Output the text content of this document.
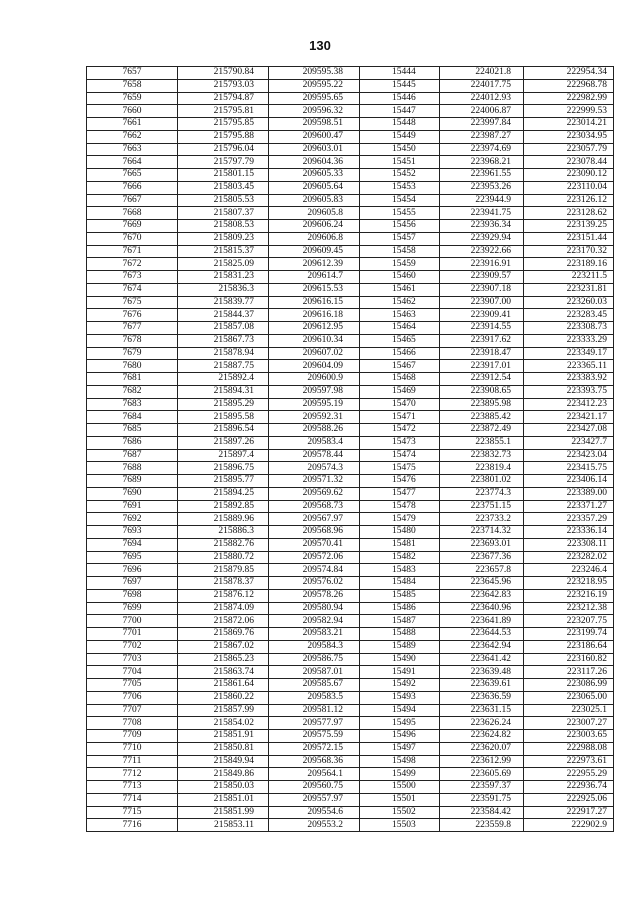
130
7657	215790.84	209595.38	15444	224021.8	222954.34
7658	215793.03	209595.22	15445	224017.75	222968.78
7659	215794.87	209595.65	15446	224012.93	222982.99
7660	215795.81	209596.32	15447	224006.87	222999.53
7661	215795.85	209598.51	15448	223997.84	223014.21
7662	215795.88	209600.47	15449	223987.27	223034.95
7663	215796.04	209603.01	15450	223974.69	223057.79
7664	215797.79	209604.36	15451	223968.21	223078.44
7665	215801.15	209605.33	15452	223961.55	223090.12
7666	215803.45	209605.64	15453	223953.26	223110.04
7667	215805.53	209605.83	15454	223944.9	223126.12
7668	215807.37	209605.8	15455	223941.75	223128.62
7669	215808.53	209606.24	15456	223936.34	223139.25
7670	215809.23	209606.8	15457	223929.94	223151.44
7671	215815.37	209609.45	15458	223922.66	223170.32
7672	215825.09	209612.39	15459	223916.91	223189.16
7673	215831.23	209614.7	15460	223909.57	223211.5
7674	215836.3	209615.53	15461	223907.18	223231.81
7675	215839.77	209616.15	15462	223907.00	223260.03
7676	215844.37	209616.18	15463	223909.41	223283.45
7677	215857.08	209612.95	15464	223914.55	223308.73
7678	215867.73	209610.34	15465	223917.62	223333.29
7679	215878.94	209607.02	15466	223918.47	223349.17
7680	215887.75	209604.09	15467	223917.01	223365.11
7681	215892.4	209600.9	15468	223912.54	223383.92
7682	215894.31	209597.98	15469	223908.65	223393.75
7683	215895.29	209595.19	15470	223895.98	223412.23
7684	215895.58	209592.31	15471	223885.42	223421.17
7685	215896.54	209588.26	15472	223872.49	223427.08
7686	215897.26	209583.4	15473	223855.1	223427.7
7687	215897.4	209578.44	15474	223832.73	223423.04
7688	215896.75	209574.3	15475	223819.4	223415.75
7689	215895.77	209571.32	15476	223801.02	223406.14
7690	215894.25	209569.62	15477	223774.3	223389.00
7691	215892.85	209568.73	15478	223751.15	223371.27
7692	215889.96	209567.97	15479	223733.2	223357.29
7693	215886.3	209568.96	15480	223714.32	223336.14
7694	215882.76	209570.41	15481	223693.01	223308.11
7695	215880.72	209572.06	15482	223677.36	223282.02
7696	215879.85	209574.84	15483	223657.8	223246.4
7697	215878.37	209576.02	15484	223645.96	223218.95
7698	215876.12	209578.26	15485	223642.83	223216.19
7699	215874.09	209580.94	15486	223640.96	223212.38
7700	215872.06	209582.94	15487	223641.89	223207.75
7701	215869.76	209583.21	15488	223644.53	223199.74
7702	215867.02	209584.3	15489	223642.94	223186.64
7703	215865.23	209586.75	15490	223641.42	223160.82
7704	215863.74	209587.01	15491	223639.48	223117.26
7705	215861.64	209585.67	15492	223639.61	223086.99
7706	215860.22	209583.5	15493	223636.59	223065.00
7707	215857.99	209581.12	15494	223631.15	223025.1
7708	215854.02	209577.97	15495	223626.24	223007.27
7709	215851.91	209575.59	15496	223624.82	223003.65
7710	215850.81	209572.15	15497	223620.07	222988.08
7711	215849.94	209568.36	15498	223612.99	222973.61
7712	215849.86	209564.1	15499	223605.69	222955.29
7713	215850.03	209560.75	15500	223597.37	222936.74
7714	215851.01	209557.97	15501	223591.75	222925.06
7715	215851.99	209554.6	15502	223584.42	222917.27
7716	215853.11	209553.2	15503	223559.8	222902.9
